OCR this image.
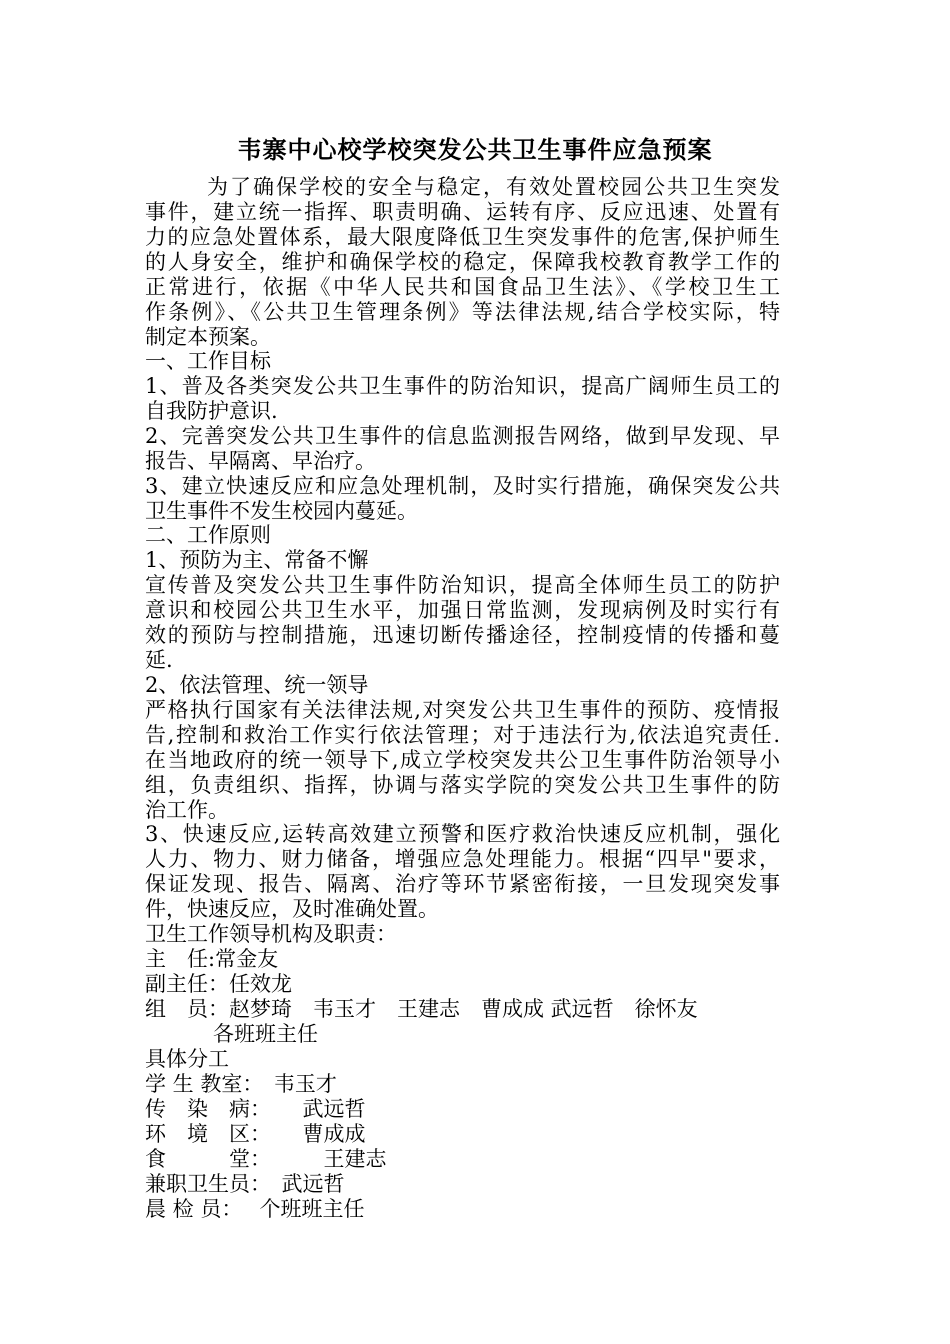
韦寨中心校学校突发公共卫生事件应急预案
为了确保学校的安全与稳定，有效处置校园公共卫生突发
事件，建立统一指挥、职责明确、运转有序、反应迅速、处置有
力的应急处置体系，最大限度降低卫生突发事件的危害,保护师生
的人身安全，维护和确保学校的稳定，保障我校教育教学工作的
正常进行，依据《中华人民共和国食品卫生法》、《学校卫生工
作条例》、《公共卫生管理条例》等法律法规,结合学校实际，特
制定本预案。
一、工作目标
1、普及各类突发公共卫生事件的防治知识，提高广阔师生员工的
自我防护意识.
2、完善突发公共卫生事件的信息监测报告网络，做到早发现、早
报告、早隔离、早治疗。
3、建立快速反应和应急处理机制，及时实行措施，确保突发公共
卫生事件不发生校园内蔓延。
二、工作原则
1、预防为主、常备不懈
宣传普及突发公共卫生事件防治知识，提高全体师生员工的防护
意识和校园公共卫生水平，加强日常监测，发现病例及时实行有
效的预防与控制措施，迅速切断传播途径，控制疫情的传播和蔓
延.
2、依法管理、统一领导
严格执行国家有关法律法规,对突发公共卫生事件的预防、疫情报
告,控制和救治工作实行依法管理；对于违法行为,依法追究责任.
在当地政府的统一领导下,成立学校突发共公卫生事件防治领导小
组，负责组织、指挥，协调与落实学院的突发公共卫生事件的防
治工作。
3、快速反应,运转高效建立预警和医疗救治快速反应机制，强化
人力、物力、财力储备，增强应急处理能力。根据“四早"要求，
保证发现、报告、隔离、治疗等环节紧密衔接，一旦发现突发事
件，快速反应，及时准确处置。
卫生工作领导机构及职责：
主　任:常金友
副主任：任效龙
组　员：赵梦琦　韦玉才　王建志　曹成成 武远哲　徐怀友
各班班主任
具体分工
学 生 教室：　韦玉才
传　染　病：　　武远哲
环　境　区：　　曹成成
食　　　堂：　　　王建志
兼职卫生员：　武远哲
晨 检 员：　 个班班主任
